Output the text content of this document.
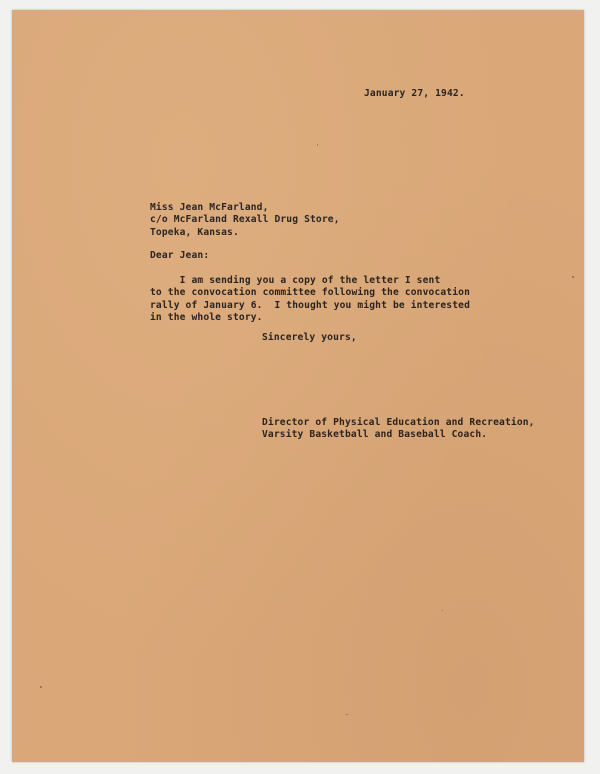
January 27, 1942.
Miss Jean McFarland,
c/o McFarland Rexall Drug Store,
Topeka, Kansas.
Dear Jean:
I am sending you a copy of the letter I sent
to the convocation committee following the convocation
rally of January 6.  I thought you might be interested
in the whole story.
Sincerely yours,
Director of Physical Education and Recreation,
Varsity Basketball and Baseball Coach.
